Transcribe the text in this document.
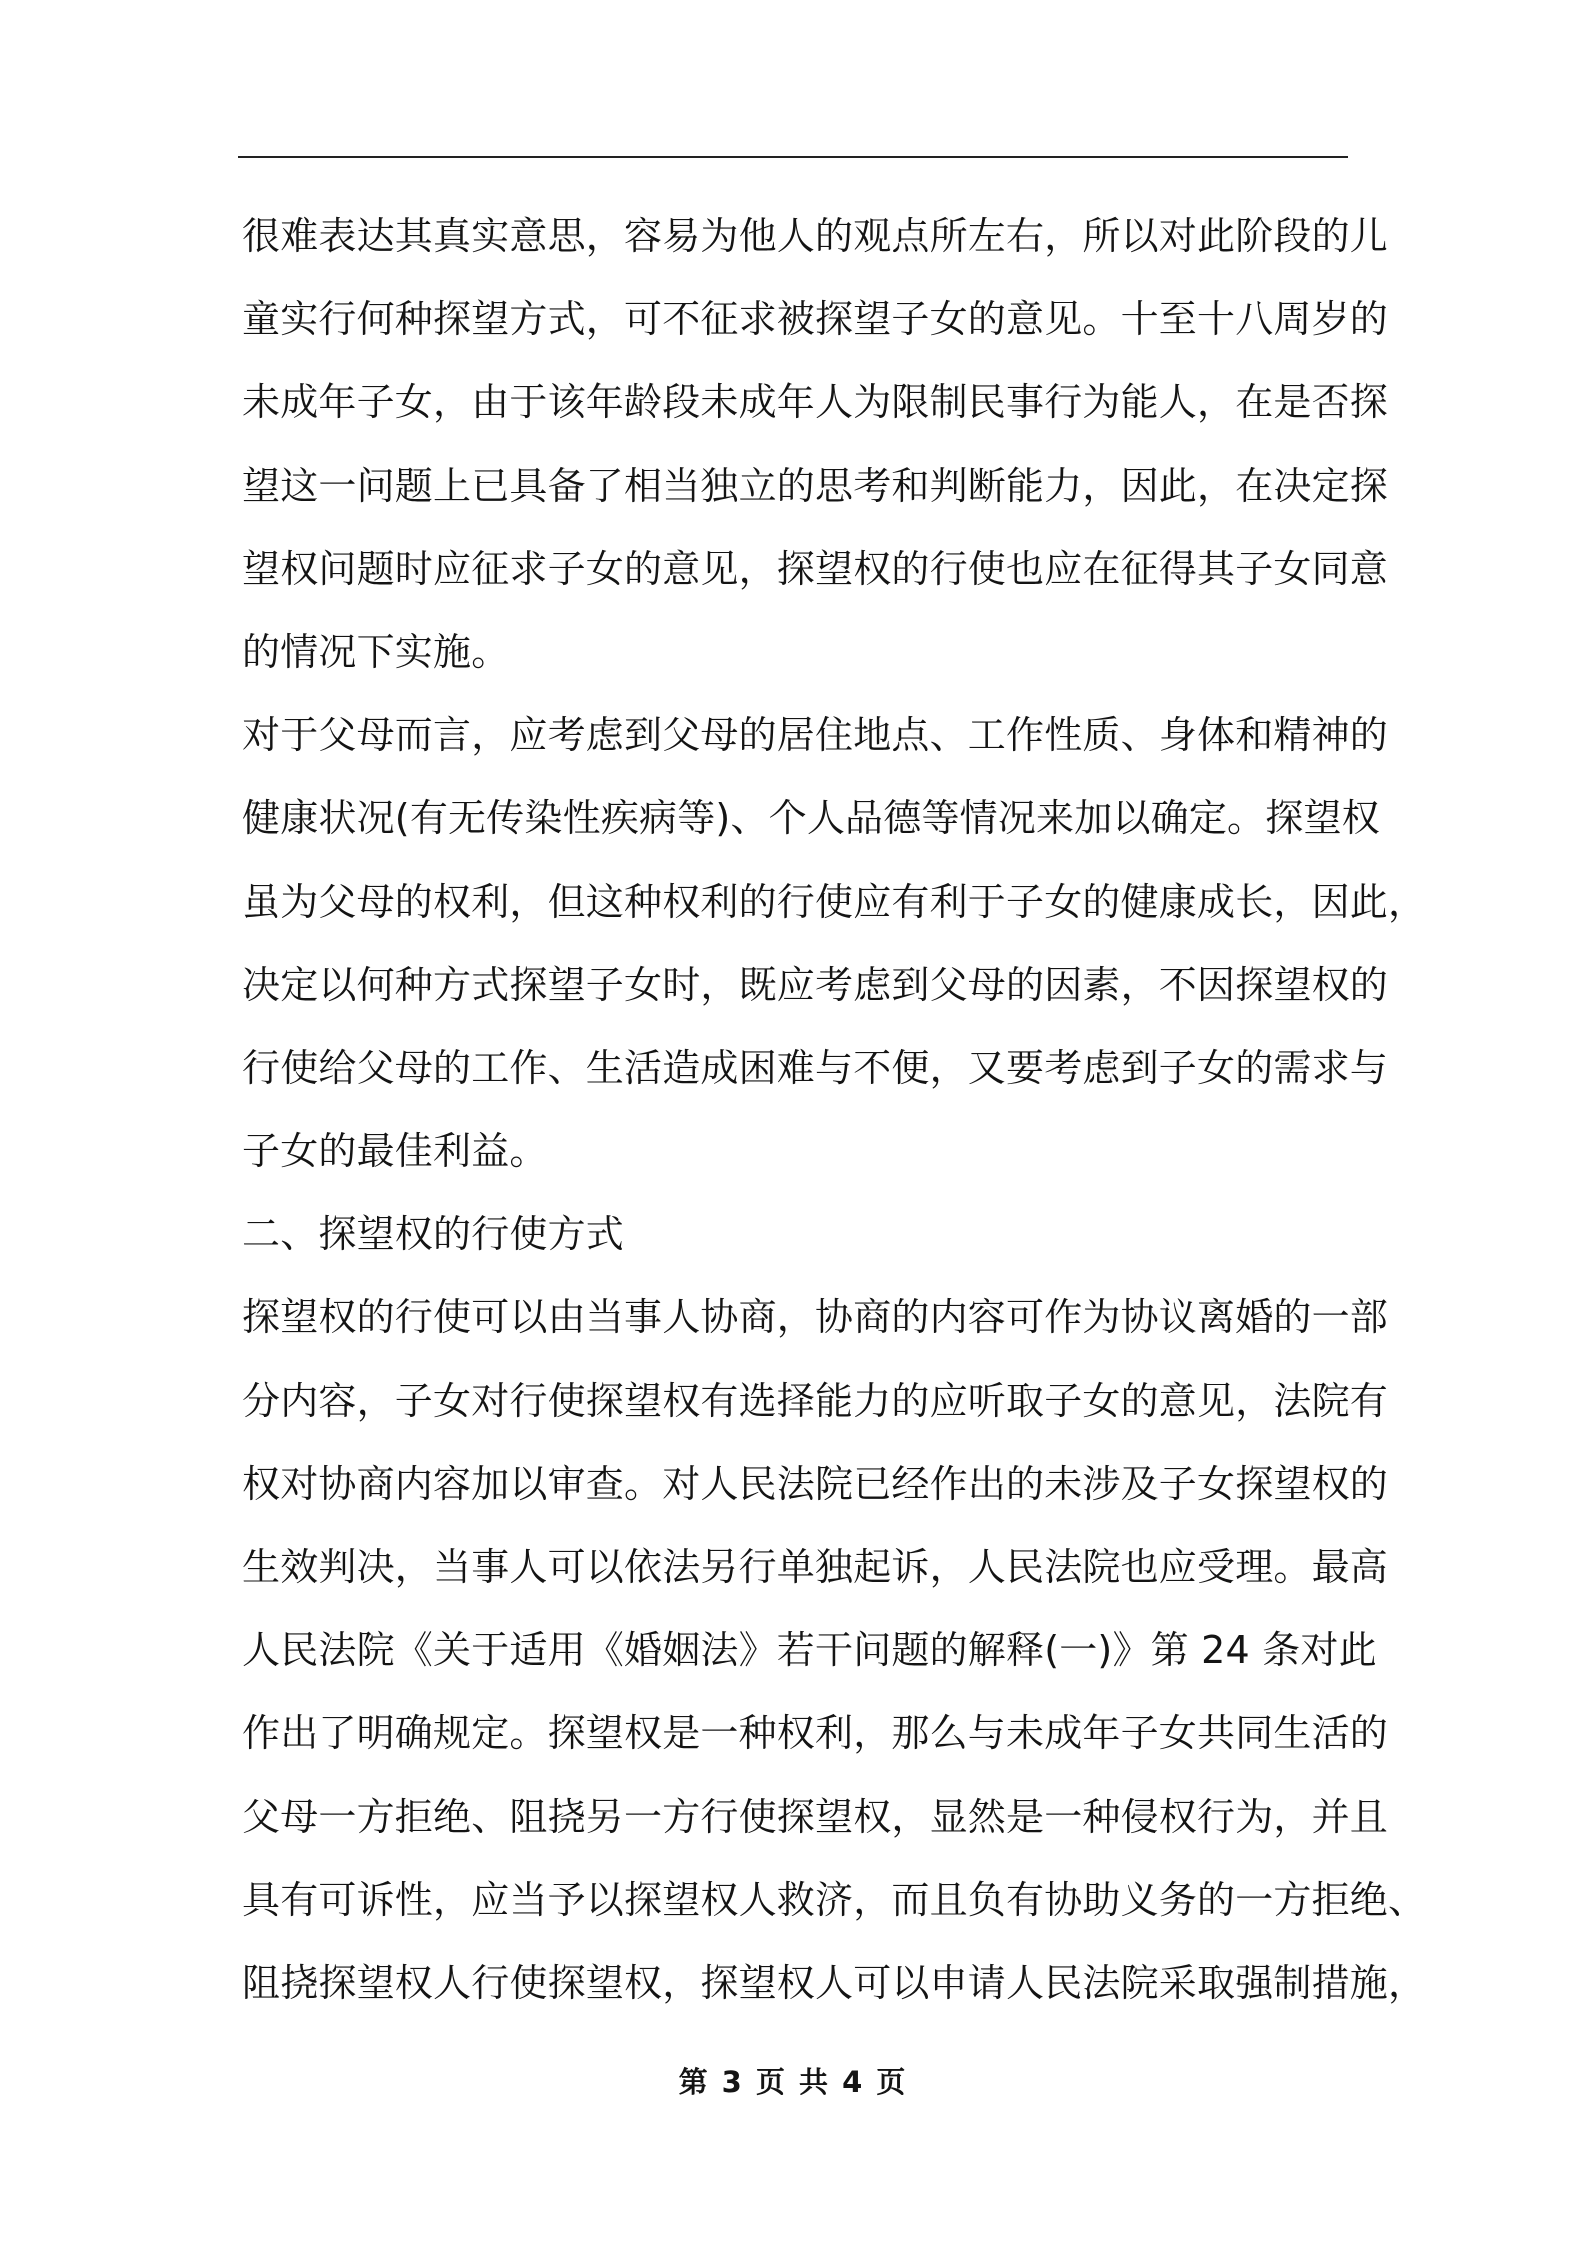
很难表达其真实意思，容易为他人的观点所左右，所以对此阶段的儿
童实行何种探望方式，可不征求被探望子女的意见。十至十八周岁的
未成年子女，由于该年龄段未成年人为限制民事行为能人，在是否探
望这一问题上已具备了相当独立的思考和判断能力，因此，在决定探
望权问题时应征求子女的意见，探望权的行使也应在征得其子女同意
的情况下实施。
对于父母而言，应考虑到父母的居住地点、工作性质、身体和精神的
健康状况(有无传染性疾病等)、个人品德等情况来加以确定。探望权
虽为父母的权利，但这种权利的行使应有利于子女的健康成长，因此，
决定以何种方式探望子女时，既应考虑到父母的因素，不因探望权的
行使给父母的工作、生活造成困难与不便，又要考虑到子女的需求与
子女的最佳利益。
二、探望权的行使方式
探望权的行使可以由当事人协商，协商的内容可作为协议离婚的一部
分内容，子女对行使探望权有选择能力的应听取子女的意见，法院有
权对协商内容加以审查。对人民法院已经作出的未涉及子女探望权的
生效判决，当事人可以依法另行单独起诉，人民法院也应受理。最高
人民法院《关于适用《婚姻法》若干问题的解释(一)》第 24 条对此
作出了明确规定。探望权是一种权利，那么与未成年子女共同生活的
父母一方拒绝、阻挠另一方行使探望权，显然是一种侵权行为，并且
具有可诉性，应当予以探望权人救济，而且负有协助义务的一方拒绝、
阻挠探望权人行使探望权，探望权人可以申请人民法院采取强制措施，
第 3 页 共 4 页
